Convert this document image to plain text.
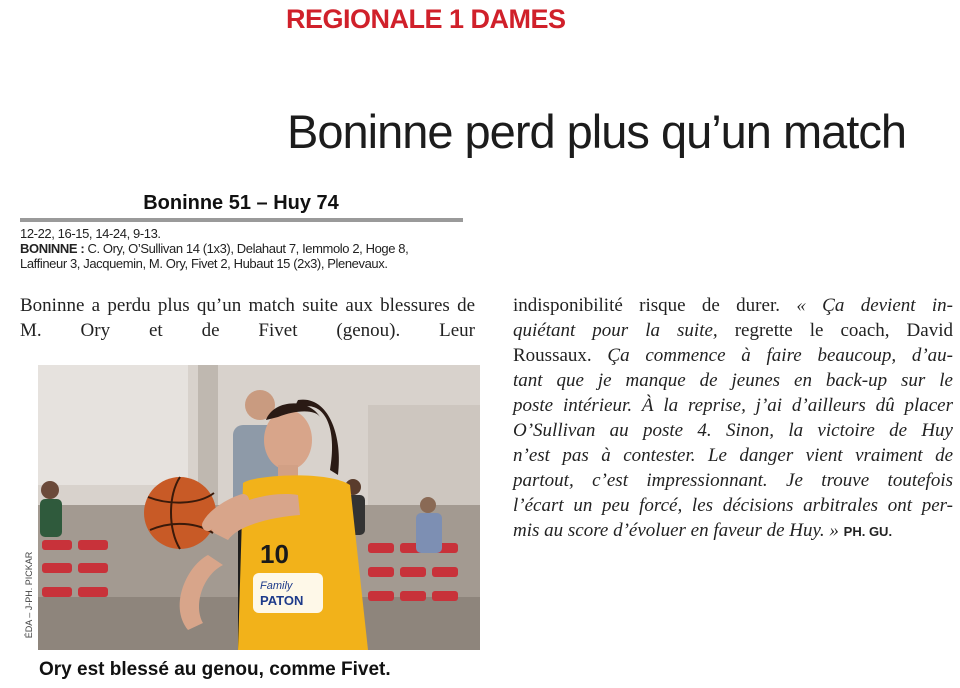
REGIONALE 1 DAMES
Boninne perd plus qu’un match
Boninne 51 – Huy 74
12-22, 16-15, 14-24, 9-13.
BONINNE : C. Ory, O’Sullivan 14 (1x3), Delahaut 7, Iemmolo 2, Hoge 8,
Laffineur 3, Jacquemin, M. Ory, Fivet 2, Hubaut 15 (2x3), Plenevaux.
Boninne a perdu plus qu’un match suite aux blessures de M. Ory et de Fivet (genou). Leur
indisponibilité risque de durer. « Ça devient in-
quiétant pour la suite, regrette le coach, David
Roussaux. Ça commence à faire beaucoup, d’au-
tant que je manque de jeunes en back-up sur le
poste intérieur. À la reprise, j’ai d’ailleurs dû placer
O’Sullivan au poste 4. Sinon, la victoire de Huy
n’est pas à contester. Le danger vient vraiment de
partout, c’est impressionnant. Je trouve toutefois
l’écart un peu forcé, les décisions arbitrales ont per-
mis au score d’évoluer en faveur de Huy. » PH. GU.
ÉDA – J-PH. PICKAR	10
Family
PATON

Ory est blessé au genou, comme Fivet.
